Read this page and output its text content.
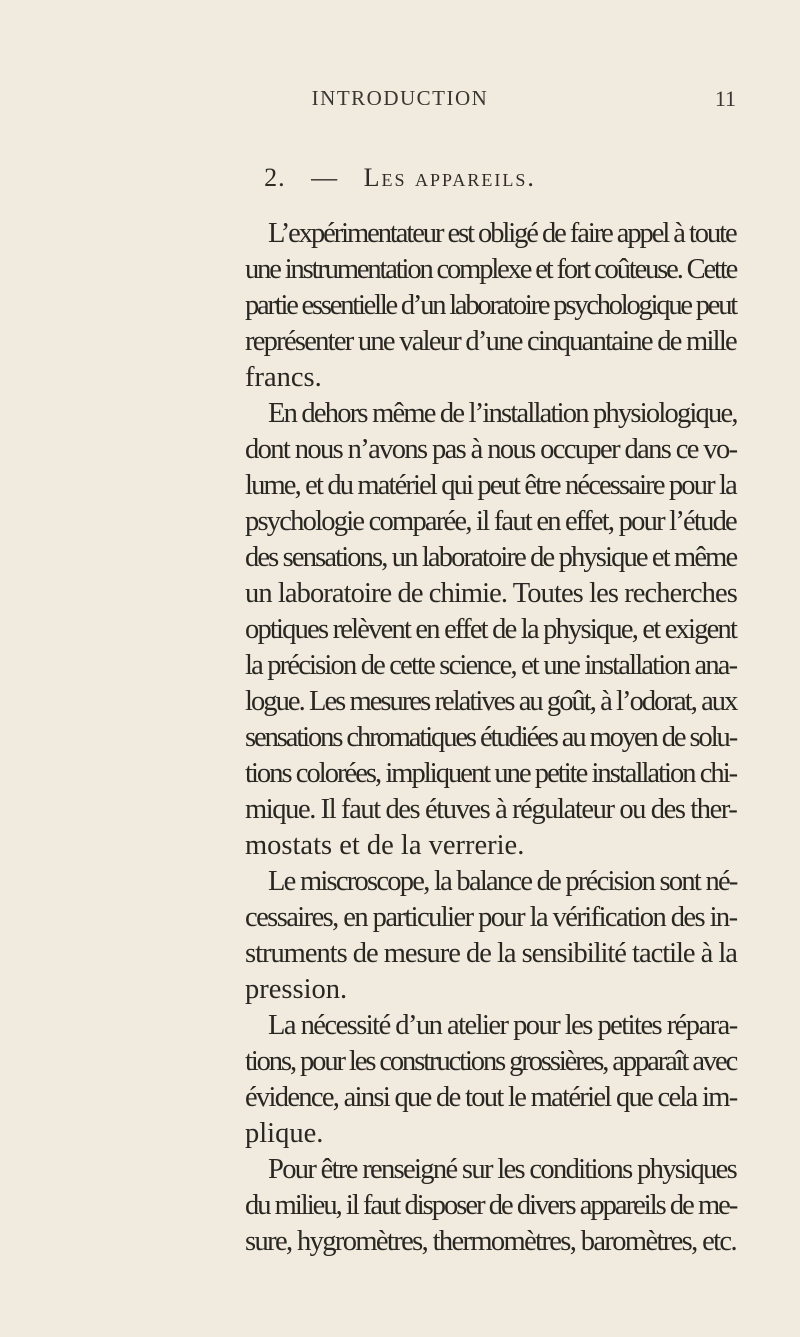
INTRODUCTION	11
2. — Les appareils.
L’expérimentateur est obligé de faire appel à toute
une instrumentation complexe et fort coûteuse. Cette
partie essentielle d’un laboratoire psychologique peut
représenter une valeur d’une cinquantaine de mille
francs.
En dehors même de l’installation physiologique,
dont nous n’avons pas à nous occuper dans ce vo-
lume, et du matériel qui peut être nécessaire pour la
psychologie comparée, il faut en effet, pour l’étude
des sensations, un laboratoire de physique et même
un laboratoire de chimie. Toutes les recherches
optiques relèvent en effet de la physique, et exigent
la précision de cette science, et une installation ana-
logue. Les mesures relatives au goût, à l’odorat, aux
sensations chromatiques étudiées au moyen de solu-
tions colorées, impliquent une petite installation chi-
mique. Il faut des étuves à régulateur ou des ther-
mostats et de la verrerie.
Le miscroscope, la balance de précision sont né-
cessaires, en particulier pour la vérification des in-
struments de mesure de la sensibilité tactile à la
pression.
La nécessité d’un atelier pour les petites répara-
tions, pour les constructions grossières, apparaît avec
évidence, ainsi que de tout le matériel que cela im-
plique.
Pour être renseigné sur les conditions physiques
du milieu, il faut disposer de divers appareils de me-
sure, hygromètres, thermomètres, baromètres, etc.
